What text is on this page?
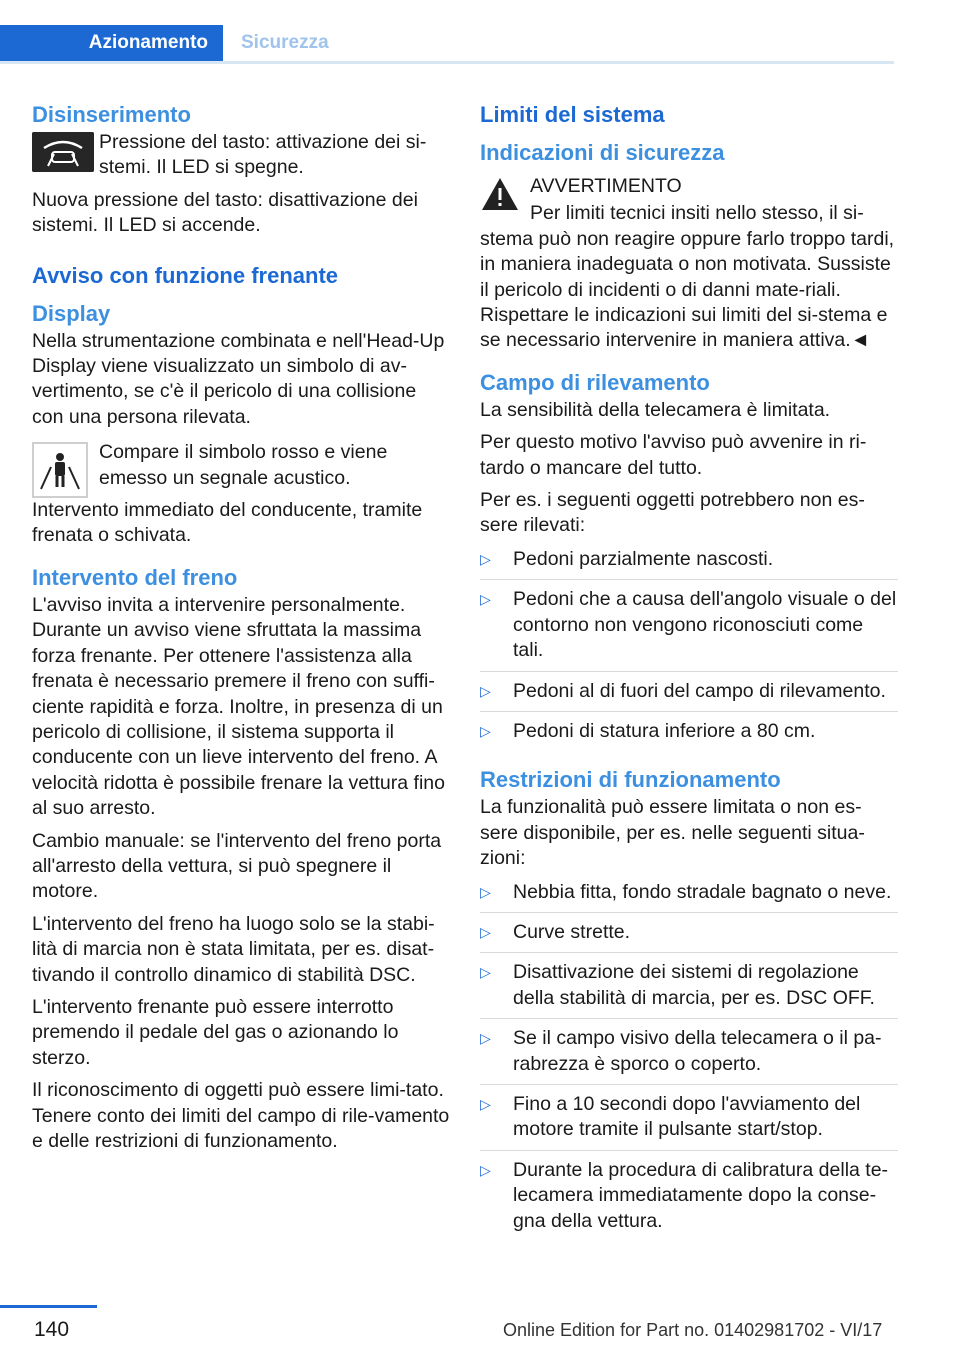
Azionamento Sicurezza
Disinserimento

Pressione del tasto: attivazione dei si‐stemi. Il LED si spegne.

Nuova pressione del tasto: disattivazione dei sistemi. Il LED si accende.

Avviso con funzione frenante
Display

Nella strumentazione combinata e nell'Head-Up Display viene visualizzato un simbolo di av‐vertimento, se c'è il pericolo di una collisione con una persona rilevata.

Compare il simbolo rosso e viene emesso un segnale acustico.

Intervento immediato del conducente, tramite frenata o schivata.

Intervento del freno

L'avviso invita a intervenire personalmente. Durante un avviso viene sfruttata la massima forza frenante. Per ottenere l'assistenza alla frenata è necessario premere il freno con suffi‐ciente rapidità e forza. Inoltre, in presenza di un pericolo di collisione, il sistema supporta il conducente con un lieve intervento del freno. A velocità ridotta è possibile frenare la vettura fino al suo arresto.

Cambio manuale: se l'intervento del freno porta all'arresto della vettura, si può spegnere il motore.

L'intervento del freno ha luogo solo se la stabi‐lità di marcia non è stata limitata, per es. disat‐tivando il controllo dinamico di stabilità DSC.

L'intervento frenante può essere interrotto premendo il pedale del gas o azionando lo sterzo.

Il riconoscimento di oggetti può essere limi‐tato. Tenere conto dei limiti del campo di rile‐vamento e delle restrizioni di funzionamento.

Limiti del sistema
Indicazioni di sicurezza

AVVERTIMENTO

Per limiti tecnici insiti nello stesso, il si‐stema può non reagire oppure farlo troppo tardi, in maniera inadeguata o non motivata. Sussiste il pericolo di incidenti o di danni mate‐riali. Rispettare le indicazioni sui limiti del si‐stema e se necessario intervenire in maniera attiva.◄

Campo di rilevamento

La sensibilità della telecamera è limitata.

Per questo motivo l'avviso può avvenire in ri‐tardo o mancare del tutto.

Per es. i seguenti oggetti potrebbero non es‐sere rilevati:

▷ Pedoni parzialmente nascosti.
▷ Pedoni che a causa dell'angolo visuale o del contorno non vengono riconosciuti come tali.
▷ Pedoni al di fuori del campo di rilevamento.
▷ Pedoni di statura inferiore a 80 cm.
Restrizioni di funzionamento

La funzionalità può essere limitata o non es‐sere disponibile, per es. nelle seguenti situa‐zioni:

▷ Nebbia fitta, fondo stradale bagnato o neve.
▷ Curve strette.
▷ Disattivazione dei sistemi di regolazione della stabilità di marcia, per es. DSC OFF.
▷ Se il campo visivo della telecamera o il pa‐rabrezza è sporco o coperto.
▷ Fino a 10 secondi dopo l'avviamento del motore tramite il pulsante start/stop.
▷ Durante la procedura di calibratura della te‐lecamera immediatamente dopo la conse‐gna della vettura.
140	Online Edition for Part no. 01402981702 - VI/17
